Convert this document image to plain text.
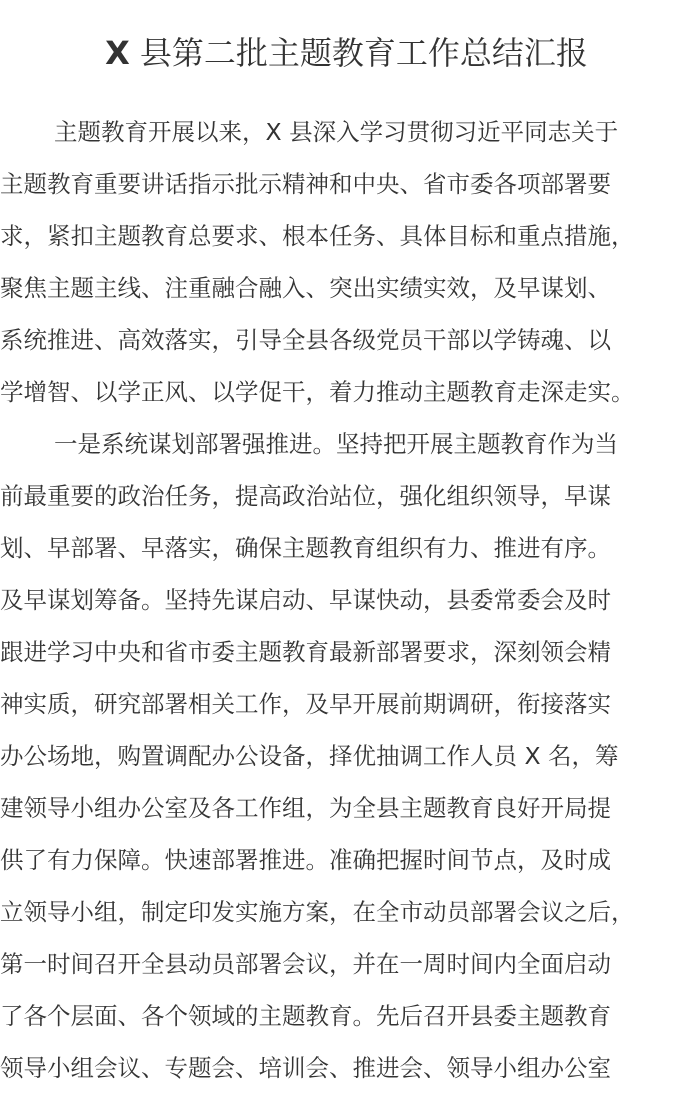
X 县第二批主题教育工作总结汇报
主题教育开展以来，X 县深入学习贯彻习近平同志关于
主题教育重要讲话指示批示精神和中央、省市委各项部署要
求，紧扣主题教育总要求、根本任务、具体目标和重点措施，
聚焦主题主线、注重融合融入、突出实绩实效，及早谋划、
系统推进、高效落实，引导全县各级党员干部以学铸魂、以
学增智、以学正风、以学促干，着力推动主题教育走深走实。
一是系统谋划部署强推进。坚持把开展主题教育作为当
前最重要的政治任务，提高政治站位，强化组织领导，早谋
划、早部署、早落实，确保主题教育组织有力、推进有序。
及早谋划筹备。坚持先谋启动、早谋快动，县委常委会及时
跟进学习中央和省市委主题教育最新部署要求，深刻领会精
神实质，研究部署相关工作，及早开展前期调研，衔接落实
办公场地，购置调配办公设备，择优抽调工作人员 X 名，筹
建领导小组办公室及各工作组，为全县主题教育良好开局提
供了有力保障。快速部署推进。准确把握时间节点，及时成
立领导小组，制定印发实施方案，在全市动员部署会议之后，
第一时间召开全县动员部署会议，并在一周时间内全面启动
了各个层面、各个领域的主题教育。先后召开县委主题教育
领导小组会议、专题会、培训会、推进会、领导小组办公室
